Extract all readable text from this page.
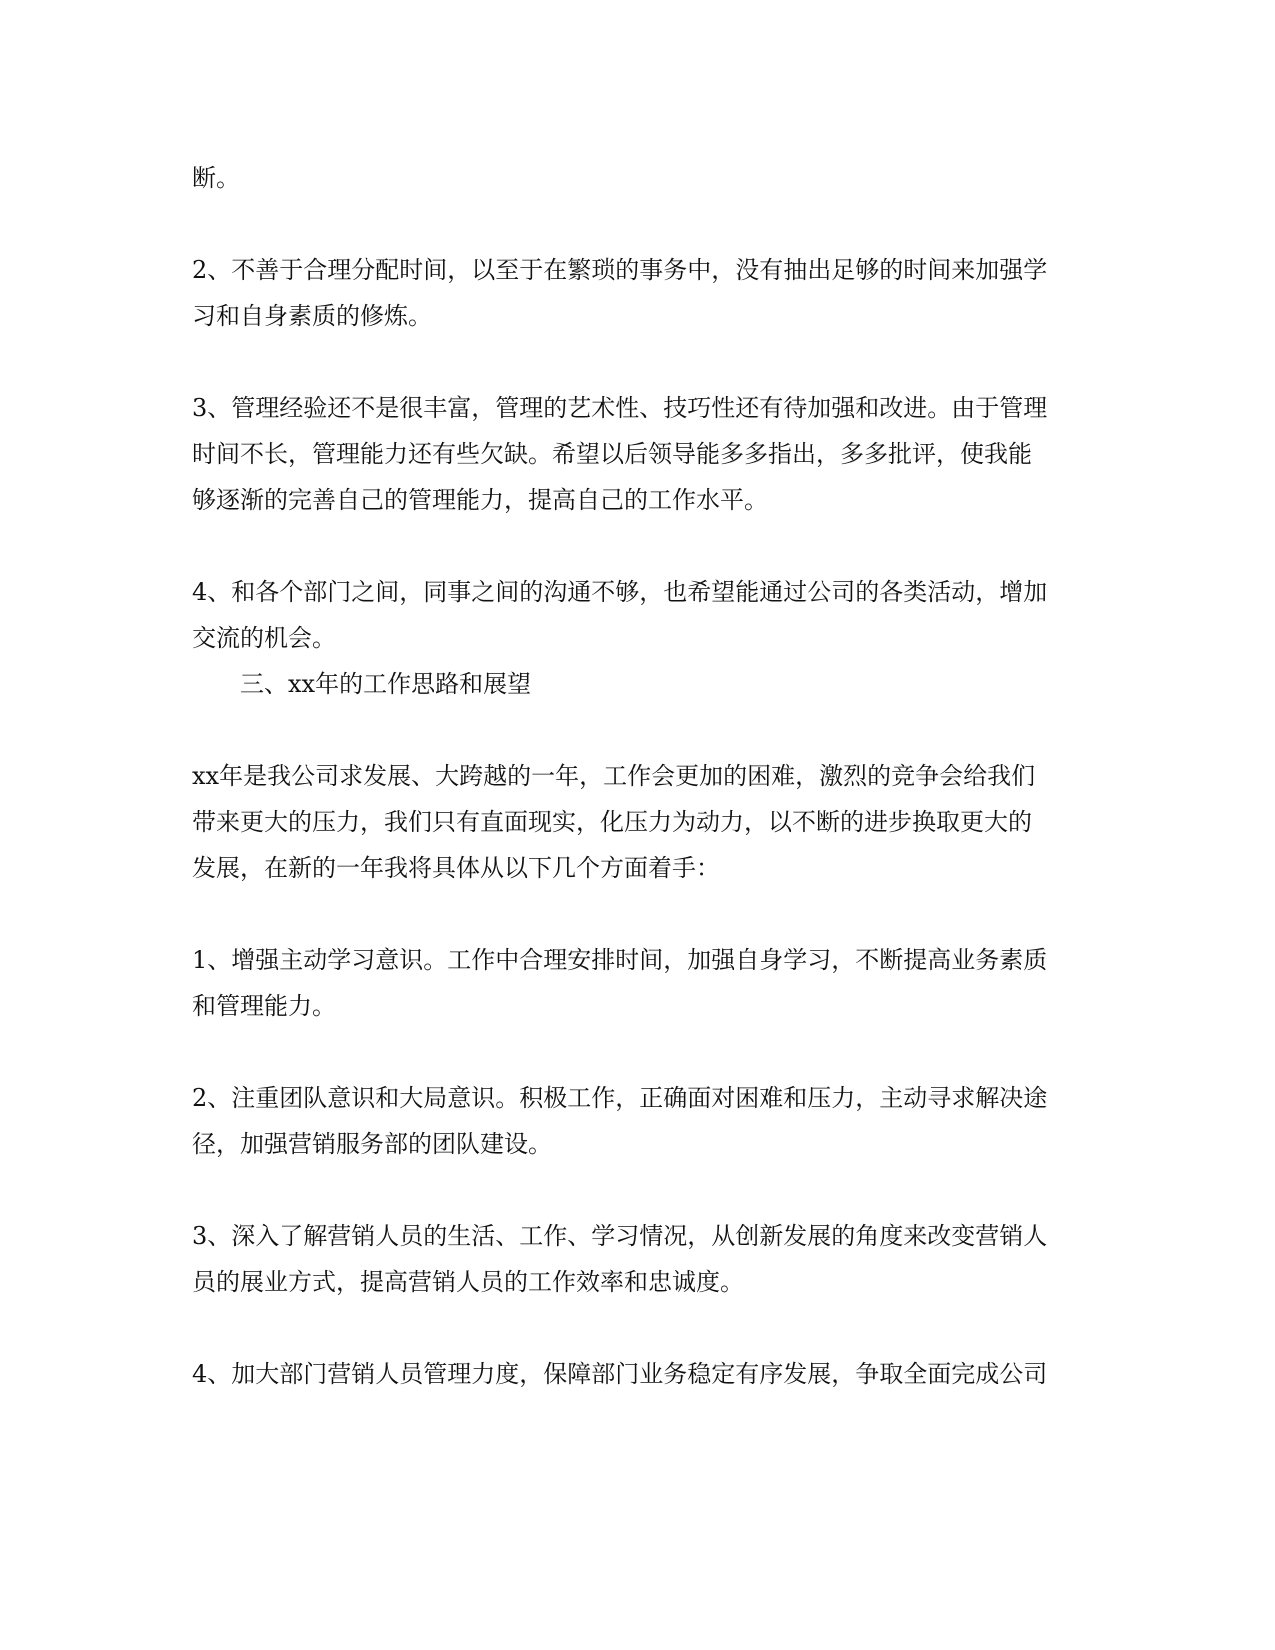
断。
2、不善于合理分配时间，以至于在繁琐的事务中，没有抽出足够的时间来加强学
习和自身素质的修炼。
3、管理经验还不是很丰富，管理的艺术性、技巧性还有待加强和改进。由于管理
时间不长，管理能力还有些欠缺。希望以后领导能多多指出，多多批评，使我能
够逐渐的完善自己的管理能力，提高自己的工作水平。
4、和各个部门之间，同事之间的沟通不够，也希望能通过公司的各类活动，增加
交流的机会。
三、xx年的工作思路和展望
xx年是我公司求发展、大跨越的一年，工作会更加的困难，激烈的竞争会给我们
带来更大的压力，我们只有直面现实，化压力为动力，以不断的进步换取更大的
发展，在新的一年我将具体从以下几个方面着手：
1、增强主动学习意识。工作中合理安排时间，加强自身学习，不断提高业务素质
和管理能力。
2、注重团队意识和大局意识。积极工作，正确面对困难和压力，主动寻求解决途
径，加强营销服务部的团队建设。
3、深入了解营销人员的生活、工作、学习情况，从创新发展的角度来改变营销人
员的展业方式，提高营销人员的工作效率和忠诚度。
4、加大部门营销人员管理力度，保障部门业务稳定有序发展，争取全面完成公司
